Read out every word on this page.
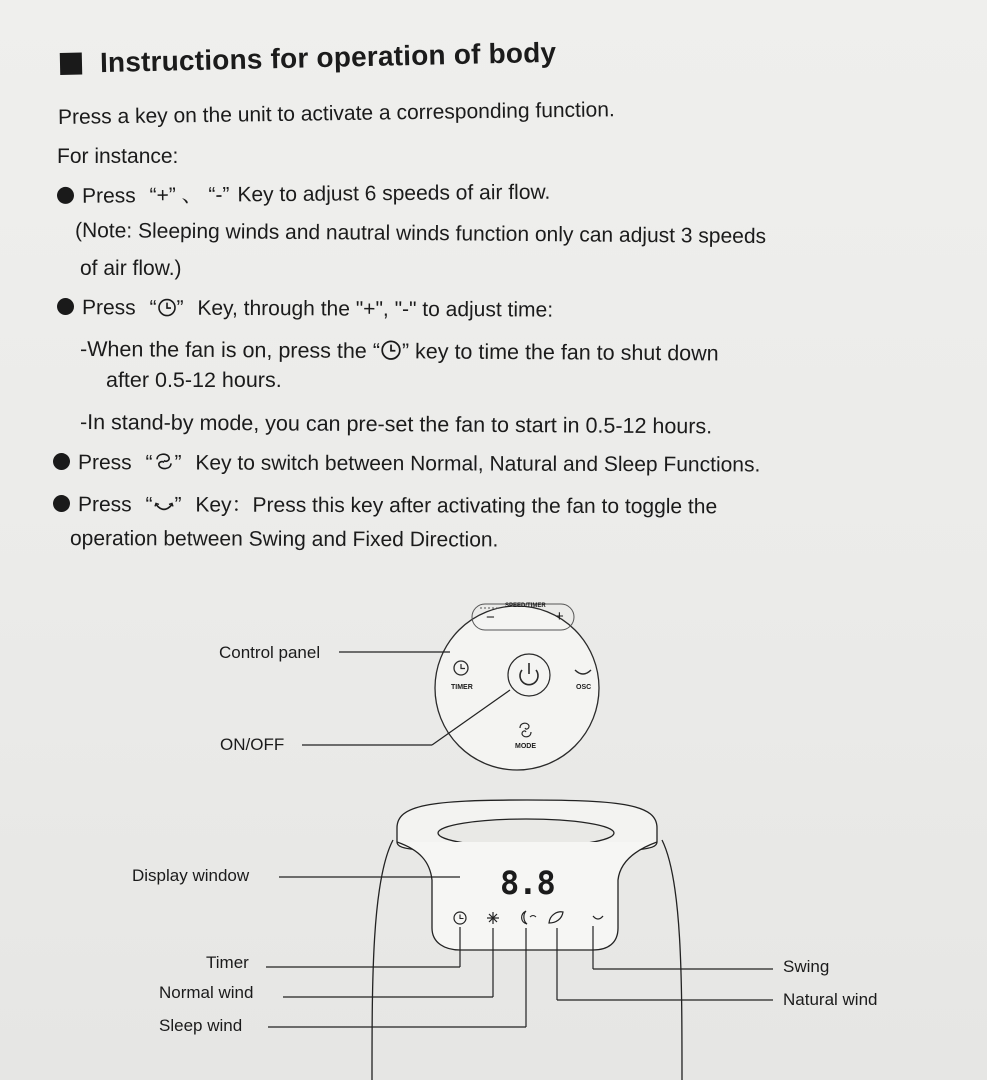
Instructions for operation of body
Press a key on the unit to activate a corresponding function.
For instance:
Press “+” 、 “-” Key to adjust 6 speeds of air flow.
(Note: Sleeping winds and nautral winds function only can adjust 3 speeds
of air flow.)
Press “ ” Key, through the "+", "-" to adjust time:
-When the fan is on, press the “ ” key to time the fan to shut down
after 0.5-12 hours.
-In stand-by mode, you can pre-set the fan to start in 0.5-12 hours.
Press “ ” Key to switch between Normal, Natural and Sleep Functions.
Press “ ” Key：Press this key after activating the fan to toggle the
operation between Swing and Fixed Direction.
SPEED/TIMER
−	+
TIMER	OSC
MODE
8.8
Control panel
ON/OFF
Display window
Timer
Normal wind
Sleep wind
Swing
Natural wind
